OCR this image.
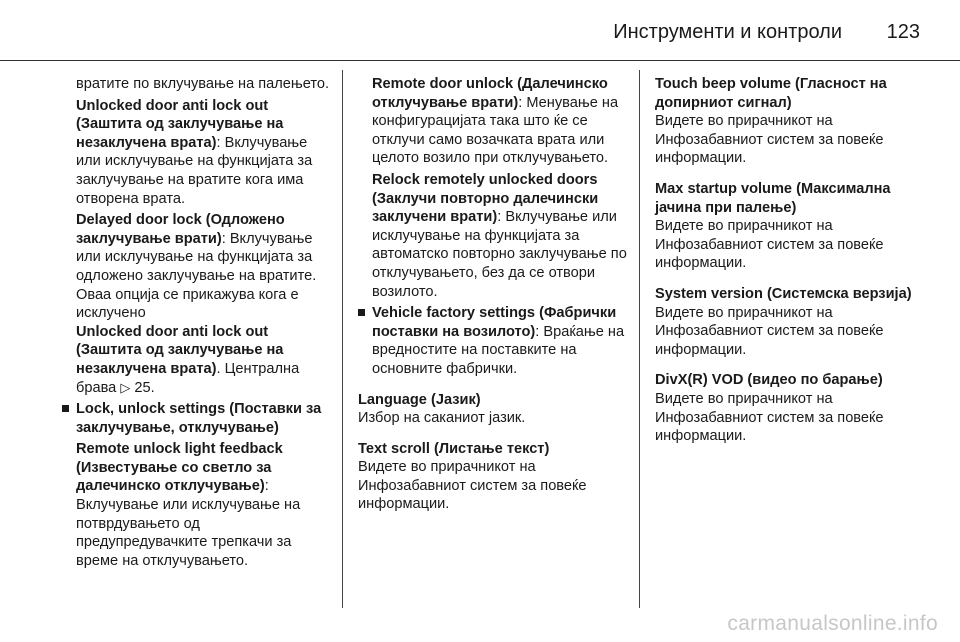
Инструменти и контроли 123

вратите по вклучување на палењето.

Unlocked door anti lock out (Заштита од заклучување на незаклучена врата): Вклучување или исклучување на функцијата за заклучување на вратите кога има отворена врата.

Delayed door lock (Одложено заклучување врати): Вклучување или исклучување на функцијата за одложено заклучување на вратите. Оваа опција се прикажува кога е исклучено
Unlocked door anti lock out (Заштита од заклучување на незаклучена врата). Централна брава ▷ 25.

Lock, unlock settings (Поставки за заклучување, отклучување)

Remote unlock light feedback (Известување со светло за далечинско отклучување): Вклучување или исклучување на потврдувањето од предупредувачките трепкачи за време на отклучувањето.

Remote door unlock (Далечинско отклучување врати): Менување на конфигурацијата така што ќе се отклучи само возачката врата или целото возило при отклучувањето.

Relock remotely unlocked doors (Заклучи повторно далечински заклучени врати): Вклучување или исклучување на функцијата за автоматско повторно заклучување по отклучувањето, без да се отвори возилото.

Vehicle factory settings (Фабрички поставки на возилото): Враќање на вредностите на поставките на основните фабрички.

Language (Јазик)
Избор на саканиот јазик.

Text scroll (Листање текст)
Видете во прирачникот на Инфозабавниот систем за повеќе информации.

Touch beep volume (Гласност на допирниот сигнал)
Видете во прирачникот на Инфозабавниот систем за повеќе информации.

Max startup volume (Максимална јачина при палење)
Видете во прирачникот на Инфозабавниот систем за повеќе информации.

System version (Системска верзија)
Видете во прирачникот на Инфозабавниот систем за повеќе информации.

DivX(R) VOD (видео по барање)
Видете во прирачникот на Инфозабавниот систем за повеќе информации.

carmanualsonline.info
